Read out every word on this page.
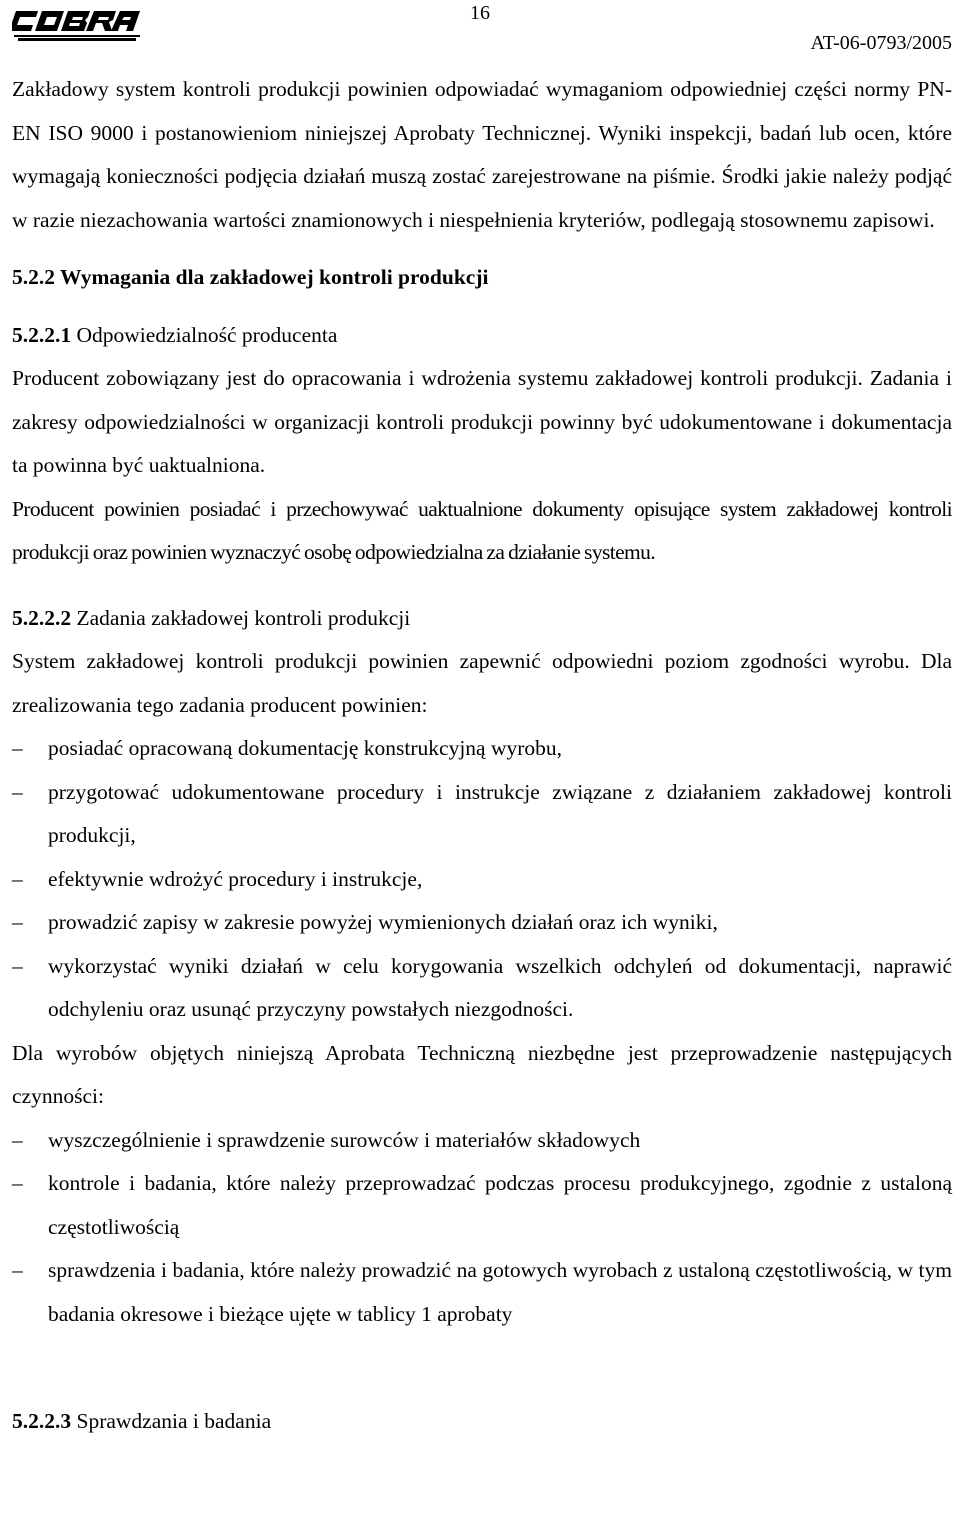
16
AT-06-0793/2005

Zakładowy system kontroli produkcji powinien odpowiadać wymaganiom odpowiedniej części normy PN-EN ISO 9000 i postanowieniom niniejszej Aprobaty Technicznej. Wyniki inspekcji, badań lub ocen, które wymagają konieczności podjęcia działań muszą zostać zarejestrowane na piśmie. Środki jakie należy podjąć w razie niezachowania wartości znamionowych i niespełnienia kryteriów, podlegają stosownemu zapisowi.

5.2.2 Wymagania dla zakładowej kontroli produkcji

5.2.2.1 Odpowiedzialność producenta

Producent zobowiązany jest do opracowania i wdrożenia systemu zakładowej kontroli produkcji. Zadania i zakresy odpowiedzialności w organizacji kontroli produkcji powinny być udokumentowane i dokumentacja ta powinna być uaktualniona.

Producent powinien posiadać i przechowywać uaktualnione dokumenty opisujące system zakładowej kontroli produkcji oraz powinien wyznaczyć osobę odpowiedzialna za działanie systemu.

5.2.2.2 Zadania zakładowej kontroli produkcji

System zakładowej kontroli produkcji powinien zapewnić odpowiedni poziom zgodności wyrobu. Dla zrealizowania tego zadania producent powinien:

– posiadać opracowaną dokumentację konstrukcyjną wyrobu,
– przygotować udokumentowane procedury i instrukcje związane z działaniem zakładowej kontroli produkcji,
– efektywnie wdrożyć procedury i instrukcje,
– prowadzić zapisy w zakresie powyżej wymienionych działań oraz ich wyniki,
– wykorzystać wyniki działań w celu korygowania wszelkich odchyleń od dokumentacji, naprawić odchyleniu oraz usunąć przyczyny powstałych niezgodności.

Dla wyrobów objętych niniejszą Aprobata Techniczną niezbędne jest przeprowadzenie następujących czynności:

– wyszczególnienie i sprawdzenie surowców i materiałów składowych
– kontrole i badania, które należy przeprowadzać podczas procesu produkcyjnego, zgodnie z ustaloną częstotliwością
– sprawdzenia i badania, które należy prowadzić na gotowych wyrobach z ustaloną częstotliwością, w tym badania okresowe i bieżące ujęte w tablicy 1 aprobaty

5.2.2.3 Sprawdzania i badania
